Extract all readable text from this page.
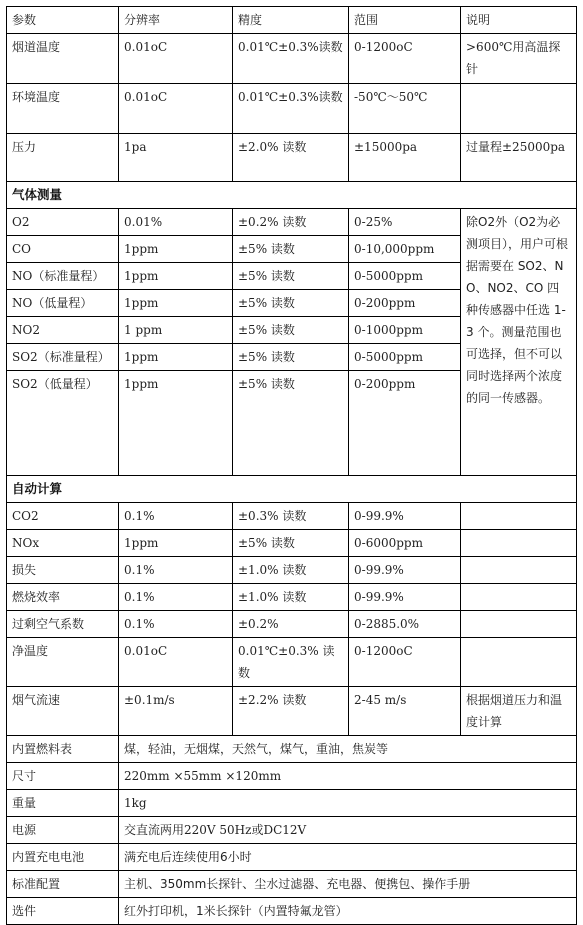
参数	分辨率	精度	范围	说明
烟道温度	0.01oC	0.01℃±0.3%读数	0-1200oC	>600℃用高温探针
环境温度	0.01oC	0.01℃±0.3%读数	-50℃～50℃	
压力	1pa	±2.0% 读数	±15000pa	过量程±25000pa
气体测量				
O2	0.01%	±0.2% 读数	0-25%	除O2外（O2为必测项目），用户可根据需要在 SO2、NO、NO2、CO 四种传感器中任选 1-3 个。测量范围也可选择，但不可以同时选择两个浓度的同一传感器。
CO	1ppm	±5% 读数	0-10,000ppm	
NO（标准量程）	1ppm	±5% 读数	0-5000ppm	
NO（低量程）	1ppm	±5% 读数	0-200ppm	
NO2	1 ppm	±5% 读数	0-1000ppm	
SO2（标准量程）	1ppm	±5% 读数	0-5000ppm	
SO2（低量程）	1ppm	±5% 读数	0-200ppm	
自动计算				
CO2	0.1%	±0.3% 读数	0-99.9%	
NOx	1ppm	±5% 读数	0-6000ppm	
损失	0.1%	±1.0% 读数	0-99.9%	
燃烧效率	0.1%	±1.0% 读数	0-99.9%	
过剩空气系数	0.1%	±0.2%	0-2885.0%	
净温度	0.01oC	0.01℃±0.3% 读数	0-1200oC	
烟气流速	±0.1m/s	±2.2% 读数	2-45 m/s	根据烟道压力和温度计算
内置燃料表	煤，轻油，无烟煤，天然气，煤气，重油，焦炭等			
尺寸	220mm ×55mm ×120mm			
重量	1kg			
电源	交直流两用220V 50Hz或DC12V			
内置充电电池	满充电后连续使用6小时			
标准配置	主机、350mm长探针、尘水过滤器、充电器、便携包、操作手册			
选件	红外打印机，1米长探针（内置特氟龙管）			
